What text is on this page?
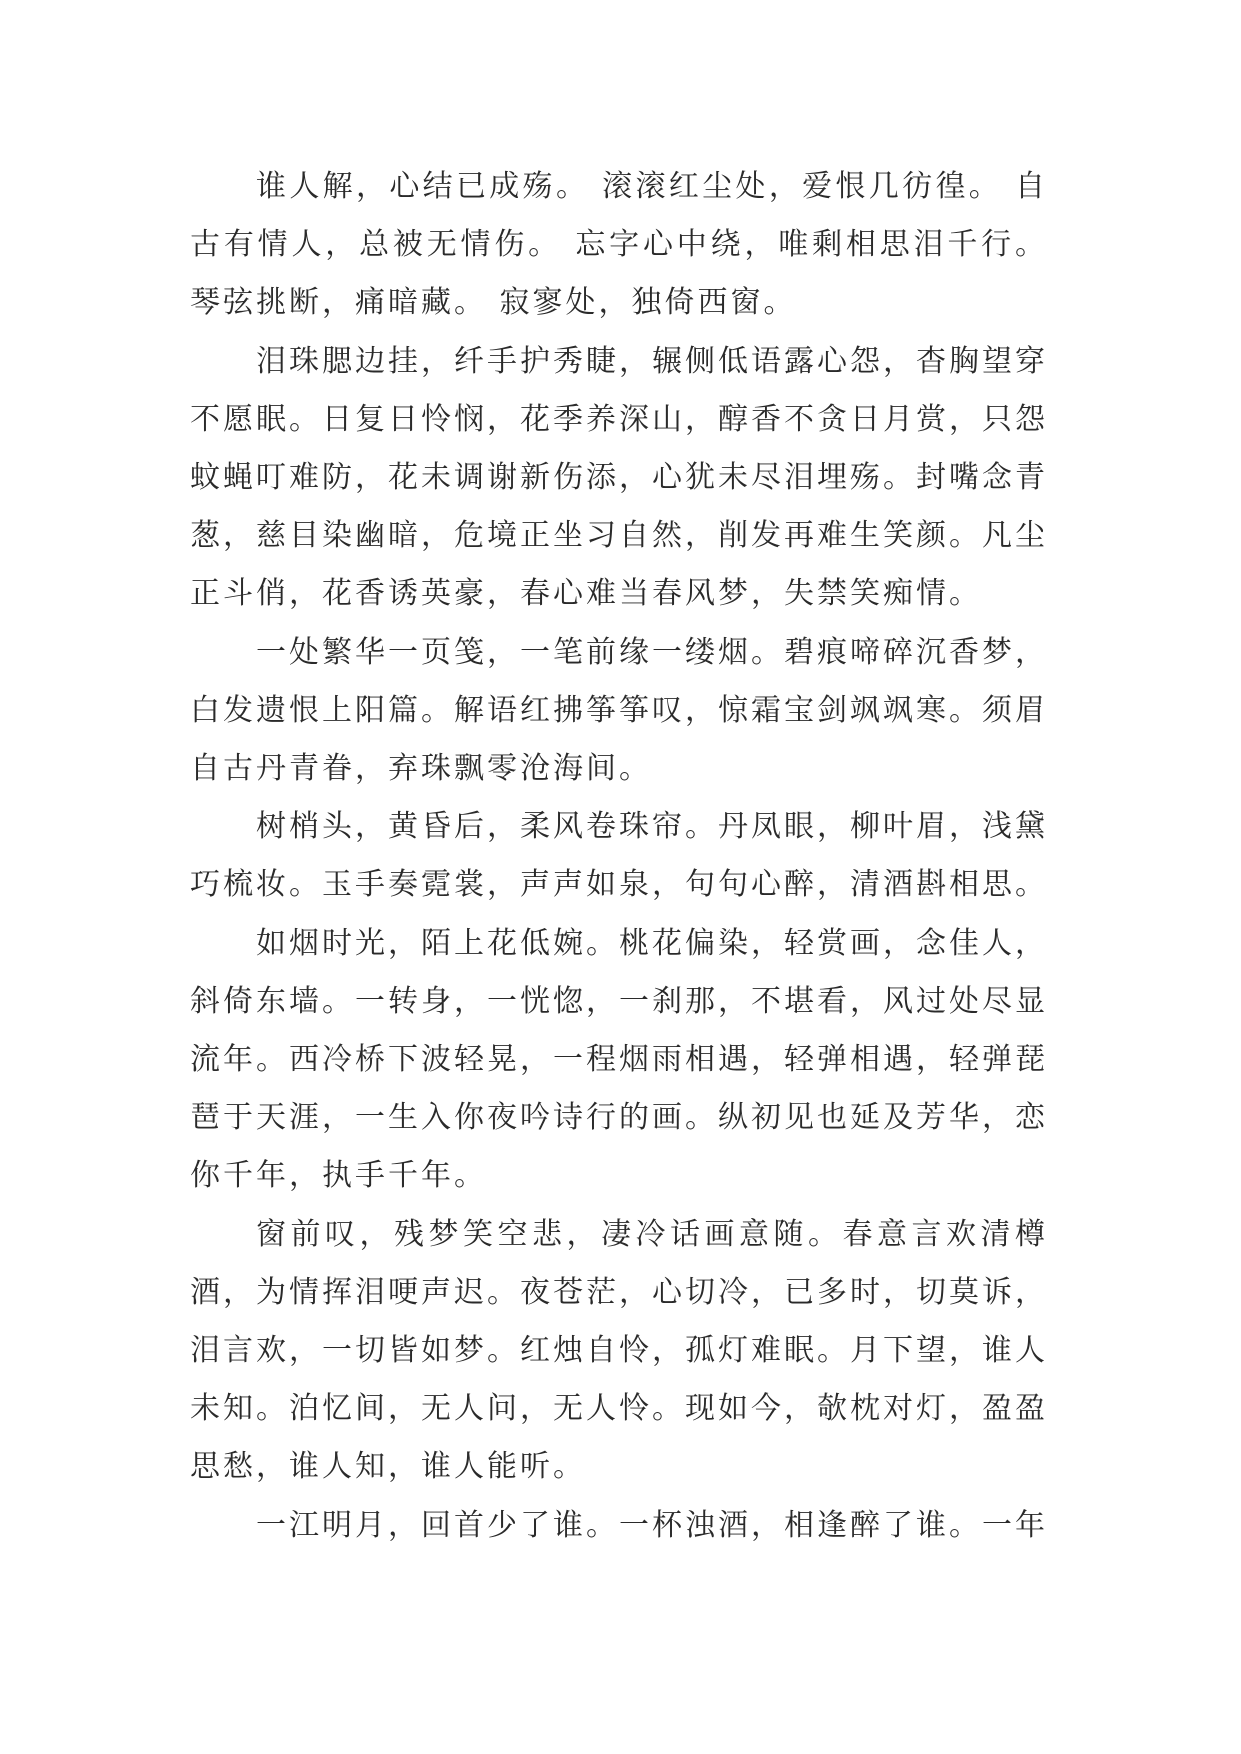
谁人解，心结已成殇。 滚滚红尘处，爱恨几彷徨。 自古有情人，总被无情伤。 忘字心中绕，唯剩相思泪千行。琴弦挑断，痛暗藏。 寂寥处，独倚西窗。

泪珠腮边挂，纤手护秀睫，辗侧低语露心怨，杳胸望穿不愿眠。日复日怜悯，花季养深山，醇香不贪日月赏，只怨蚊蝇叮难防，花未调谢新伤添，心犹未尽泪埋殇。封嘴念青葱，慈目染幽暗，危境正坐习自然，削发再难生笑颜。凡尘正斗俏，花香诱英豪，春心难当春风梦，失禁笑痴情。

一处繁华一页笺，一笔前缘一缕烟。碧痕啼碎沉香梦，白发遗恨上阳篇。解语红拂筝筝叹，惊霜宝剑飒飒寒。须眉自古丹青眷，弃珠飘零沧海间。

树梢头，黄昏后，柔风卷珠帘。丹凤眼，柳叶眉，浅黛巧梳妆。玉手奏霓裳，声声如泉，句句心醉，清酒斟相思。

如烟时光，陌上花低婉。桃花偏染，轻赏画，念佳人，斜倚东墙。一转身，一恍惚，一刹那，不堪看，风过处尽显流年。西冷桥下波轻晃，一程烟雨相遇，轻弹相遇，轻弹琵琶于天涯，一生入你夜吟诗行的画。纵初见也延及芳华，恋你千年，执手千年。

窗前叹，残梦笑空悲，凄冷话画意随。春意言欢清樽酒，为情挥泪哽声迟。夜苍茫，心切冷，已多时，切莫诉，泪言欢，一切皆如梦。红烛自怜，孤灯难眠。月下望，谁人未知。泊忆间，无人问，无人怜。现如今，欹枕对灯，盈盈思愁，谁人知，谁人能听。

一江明月，回首少了谁。一杯浊酒，相逢醉了谁。一年
